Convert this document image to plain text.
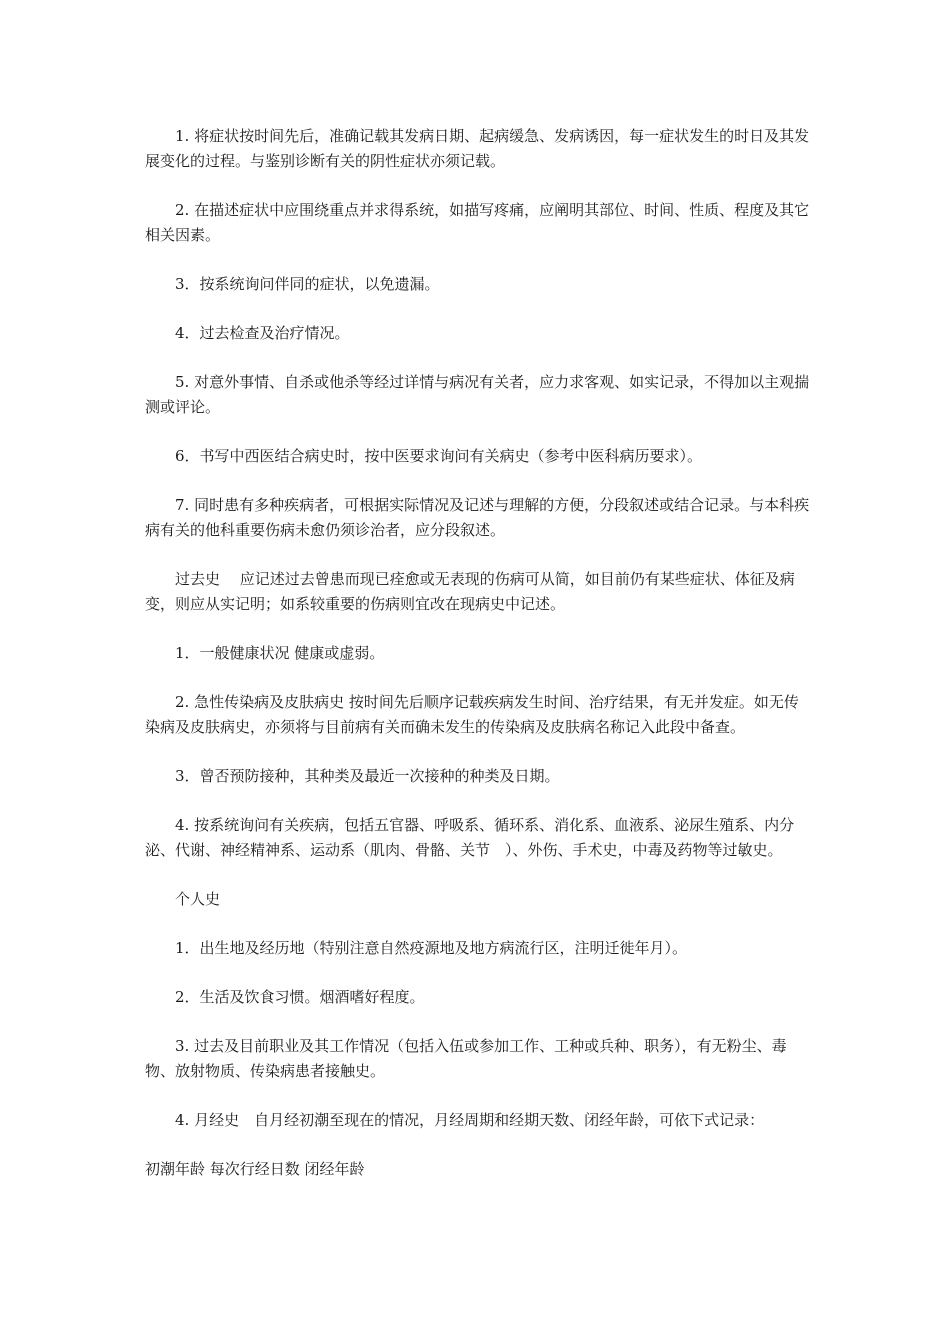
1. 将症状按时间先后，准确记载其发病日期、起病缓急、发病诱因，每一症状发生的时日及其发展变化的过程。与鉴别诊断有关的阴性症状亦须记载。

2. 在描述症状中应围绕重点并求得系统，如描写疼痛，应阐明其部位、时间、性质、程度及其它相关因素。

3．按系统询问伴同的症状，以免遗漏。

4．过去检查及治疗情况。

5. 对意外事情、自杀或他杀等经过详情与病况有关者，应力求客观、如实记录，不得加以主观揣测或评论。

6．书写中西医结合病史时，按中医要求询问有关病史（参考中医科病历要求）。

7. 同时患有多种疾病者，可根据实际情况及记述与理解的方便，分段叙述或结合记录。与本科疾病有关的他科重要伤病未愈仍须诊治者，应分段叙述。

过去史　 应记述过去曾患而现已痊愈或无表现的伤病可从简，如目前仍有某些症状、体征及病变，则应从实记明；如系较重要的伤病则宜改在现病史中记述。

1．一般健康状况 健康或虚弱。

2. 急性传染病及皮肤病史 按时间先后顺序记载疾病发生时间、治疗结果，有无并发症。如无传染病及皮肤病史，亦须将与目前病有关而确未发生的传染病及皮肤病名称记入此段中备查。

3．曾否预防接种，其种类及最近一次接种的种类及日期。

4. 按系统询问有关疾病，包括五官器、呼吸系、循环系、消化系、血液系、泌尿生殖系、内分泌、代谢、神经精神系、运动系（肌肉、骨骼、关节　）、外伤、手术史，中毒及药物等过敏史。

个人史

1．出生地及经历地（特别注意自然疫源地及地方病流行区，注明迁徙年月）。

2．生活及饮食习惯。烟酒嗜好程度。

3. 过去及目前职业及其工作情况（包括入伍或参加工作、工种或兵种、职务），有无粉尘、毒物、放射物质、传染病患者接触史。

4. 月经史　自月经初潮至现在的情况，月经周期和经期天数、闭经年龄，可依下式记录：

初潮年龄 每次行经日数 闭经年龄
